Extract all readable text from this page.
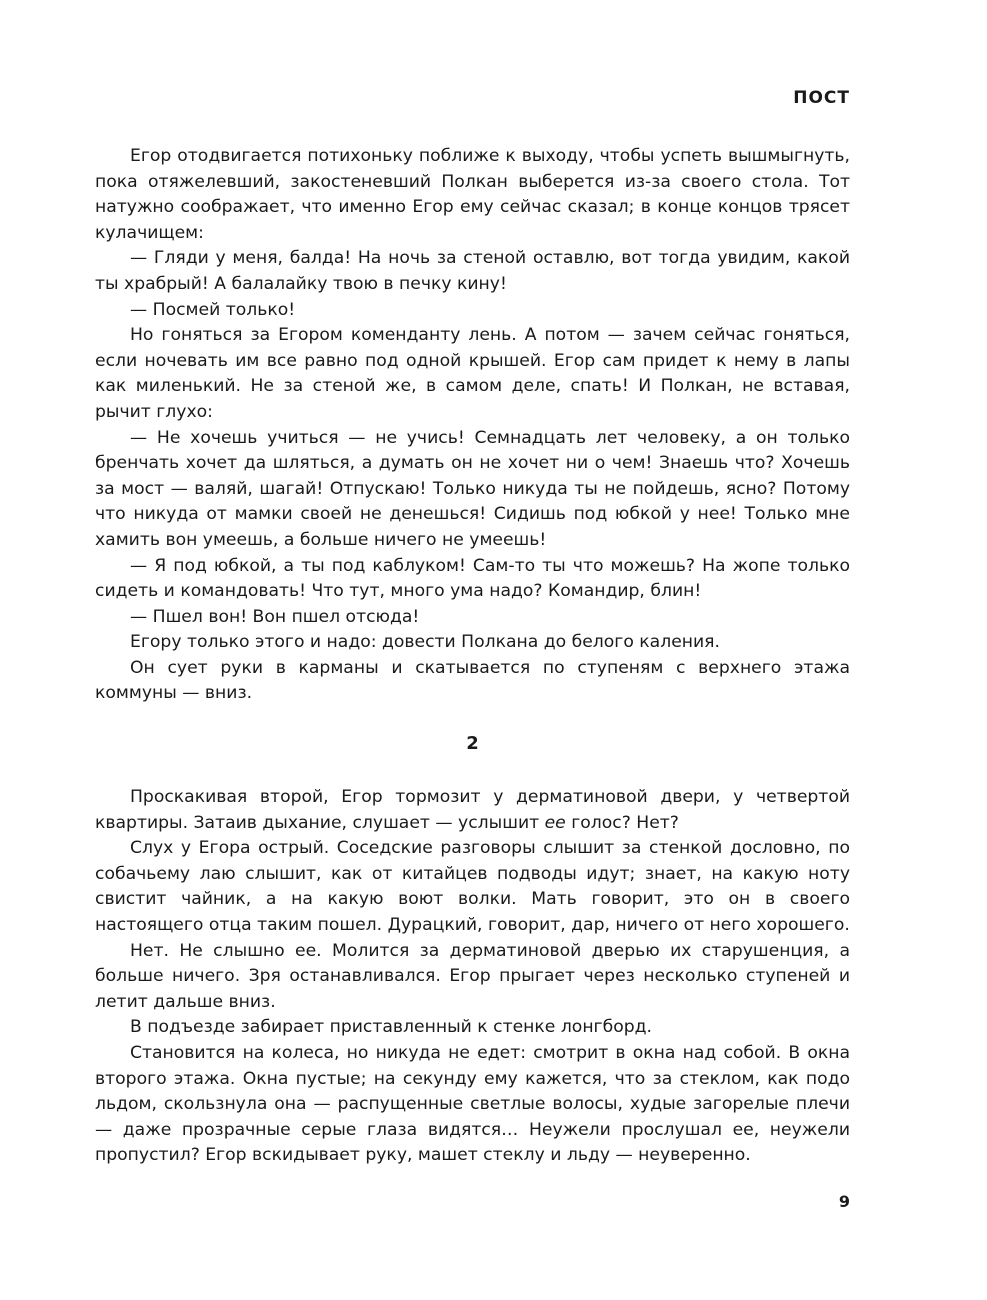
ПОСТ

Егор отодвигается потихоньку поближе к выходу, чтобы успеть вышмыгнуть, пока отяжелевший, закостеневший Полкан выберется из-за своего стола. Тот натужно соображает, что именно Егор ему сейчас сказал; в конце концов трясет кулачищем:

— Гляди у меня, балда! На ночь за стеной оставлю, вот тогда увидим, какой ты храбрый! А балалайку твою в печку кину!

— Посмей только!

Но гоняться за Егором коменданту лень. А потом — зачем сейчас гоняться, если ночевать им все равно под одной крышей. Егор сам придет к нему в лапы как миленький. Не за стеной же, в самом деле, спать! И Полкан, не вставая, рычит глухо:

— Не хочешь учиться — не учись! Семнадцать лет человеку, а он только бренчать хочет да шляться, а думать он не хочет ни о чем! Знаешь что? Хочешь за мост — валяй, шагай! Отпускаю! Только никуда ты не пойдешь, ясно? Потому что никуда от мамки своей не денешься! Сидишь под юбкой у нее! Только мне хамить вон умеешь, а больше ничего не умеешь!

— Я под юбкой, а ты под каблуком! Сам-то ты что можешь? На жопе только сидеть и командовать! Что тут, много ума надо? Командир, блин!

— Пшел вон! Вон пшел отсюда!

Егору только этого и надо: довести Полкана до белого каления.

Он сует руки в карманы и скатывается по ступеням с верхнего этажа коммуны — вниз.

2

Проскакивая второй, Егор тормозит у дерматиновой двери, у четвертой квартиры. Затаив дыхание, слушает — услышит ее голос? Нет?

Слух у Егора острый. Соседские разговоры слышит за стенкой дословно, по собачьему лаю слышит, как от китайцев подводы идут; знает, на какую ноту свистит чайник, а на какую воют волки. Мать говорит, это он в своего настоящего отца таким пошел. Дурацкий, говорит, дар, ничего от него хорошего.

Нет. Не слышно ее. Молится за дерматиновой дверью их старушенция, а больше ничего. Зря останавливался. Егор прыгает через несколько ступеней и летит дальше вниз.

В подъезде забирает приставленный к стенке лонгборд.

Становится на колеса, но никуда не едет: смотрит в окна над собой. В окна второго этажа. Окна пустые; на секунду ему кажется, что за стеклом, как подо льдом, скользнула она — распущенные светлые волосы, худые загорелые плечи — даже прозрачные серые глаза видятся… Неужели прослушал ее, неужели пропустил? Егор вскидывает руку, машет стеклу и льду — неуверенно.

9
